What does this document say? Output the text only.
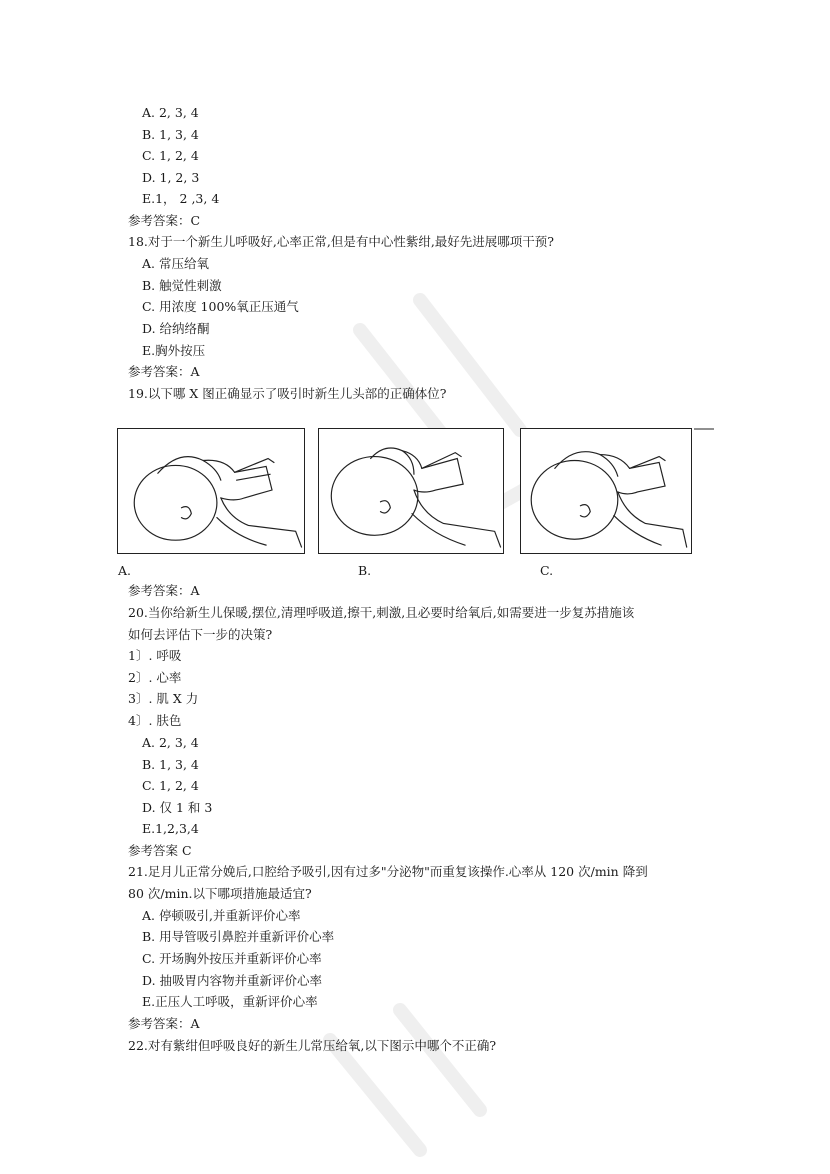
A. 2, 3, 4
B. 1, 3, 4
C. 1, 2, 4
D. 1, 2, 3
E.1， 2 ,3, 4
参考答案：C
18.对于一个新生儿呼吸好,心率正常,但是有中心性紫绀,最好先进展哪项干预?
A. 常压给氧
B. 触觉性刺激
C. 用浓度 100%氧正压通气
D. 给纳络酮
E.胸外按压
参考答案：A
19.以下哪 X 图正确显示了吸引时新生儿头部的正确体位?
A.	B.	C.
参考答案：A
20.当你给新生儿保暖,摆位,清理呼吸道,擦干,刺激,且必要时给氧后,如需要进一步复苏措施该
如何去评估下一步的决策?
1〕. 呼吸
2〕. 心率
3〕. 肌 X 力
4〕. 肤色
A. 2, 3, 4
B. 1, 3, 4
C. 1, 2, 4
D. 仅 1 和 3
E.1,2,3,4
参考答案 C
21.足月儿正常分娩后,口腔给予吸引,因有过多"分泌物"而重复该操作.心率从 120 次/min 降到
80 次/min.以下哪项措施最适宜?
A. 停顿吸引,并重新评价心率
B. 用导管吸引鼻腔并重新评价心率
C. 开场胸外按压并重新评价心率
D. 抽吸胃内容物并重新评价心率
E.正压人工呼吸，重新评价心率
参考答案：A
22.对有紫绀但呼吸良好的新生儿常压给氧,以下图示中哪个不正确?
